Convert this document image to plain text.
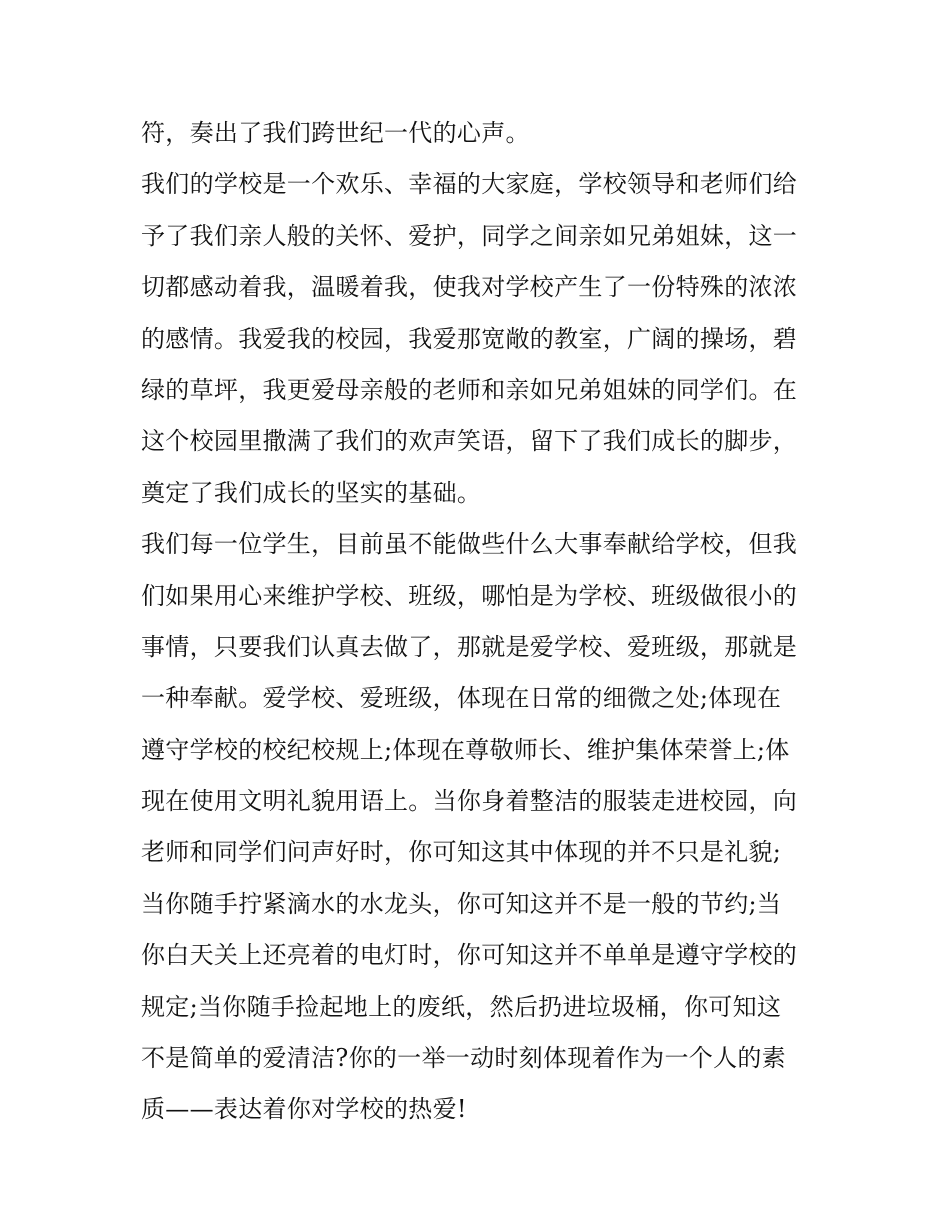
符，奏出了我们跨世纪一代的心声。
我们的学校是一个欢乐、幸福的大家庭，学校领导和老师们给
予了我们亲人般的关怀、爱护，同学之间亲如兄弟姐妹，这一
切都感动着我，温暖着我，使我对学校产生了一份特殊的浓浓
的感情。我爱我的校园，我爱那宽敞的教室，广阔的操场，碧
绿的草坪，我更爱母亲般的老师和亲如兄弟姐妹的同学们。在
这个校园里撒满了我们的欢声笑语，留下了我们成长的脚步，
奠定了我们成长的坚实的基础。
我们每一位学生，目前虽不能做些什么大事奉献给学校，但我
们如果用心来维护学校、班级，哪怕是为学校、班级做很小的
事情，只要我们认真去做了，那就是爱学校、爱班级，那就是
一种奉献。爱学校、爱班级，体现在日常的细微之处;体现在
遵守学校的校纪校规上;体现在尊敬师长、维护集体荣誉上;体
现在使用文明礼貌用语上。当你身着整洁的服装走进校园，向
老师和同学们问声好时，你可知这其中体现的并不只是礼貌;
当你随手拧紧滴水的水龙头，你可知这并不是一般的节约;当
你白天关上还亮着的电灯时，你可知这并不单单是遵守学校的
规定;当你随手捡起地上的废纸，然后扔进垃圾桶，你可知这
不是简单的爱清洁?你的一举一动时刻体现着作为一个人的素
质——表达着你对学校的热爱!
